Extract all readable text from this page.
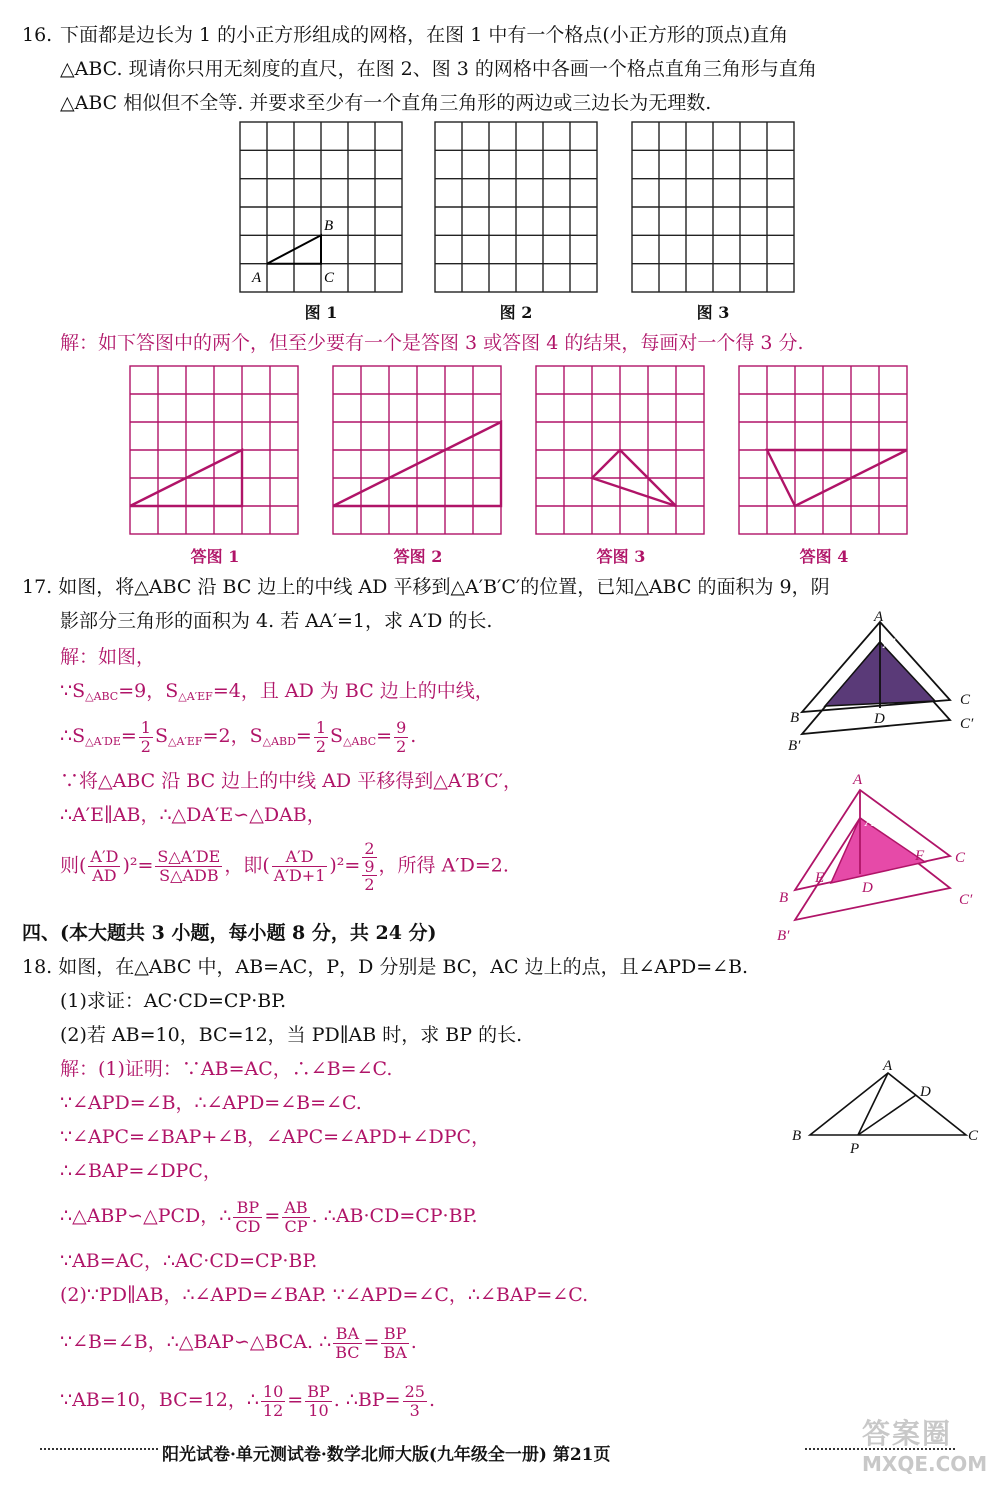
16. 下面都是边长为 1 的小正方形组成的网格，在图 1 中有一个格点(小正方形的顶点)直角
△ABC. 现请你只用无刻度的直尺，在图 2、图 3 的网格中各画一个格点直角三角形与直角
△ABC 相似但不全等. 并要求至少有一个直角三角形的两边或三边长为无理数.
A
B
C
图 1	图 2	图 3
解：如下答图中的两个，但至少要有一个是答图 3 或答图 4 的结果，每画对一个得 3 分.
答图 1	答图 2	答图 3	答图 4
17. 如图，将△ABC 沿 BC 边上的中线 AD 平移到△A′B′C′的位置，已知△ABC 的面积为 9，阴
影部分三角形的面积为 4. 若 AA′=1，求 A′D 的长.
解：如图，
$\because S_{\triangle ABC}=9$，$S_{\triangle A'EF}=4$，且 AD 为 BC 边上的中线，
$\therefore S_{\triangle A'DE}= \frac{1}{2} S_{\triangle A'EF}=2$，$S_{\triangle ABD}= \frac{1}{2} S_{\triangle ABC}= \frac{9}{2}$ .
∵将△ABC 沿 BC 边上的中线 AD 平移得到△A′B′C′，
∴A′E∥AB，∴△DA′E∽△DAB，
则( $\frac{A'D}{AD} )^2= \frac{S\triangle A'DE}{\text{S△ADB}}$ ，即( $\frac{A'D}{A'D+1} )^2=$
2
9
2
，所得 A′D=2.
A
A′
B	D
C
B′
C′
A
A′
E
F
B
D
C
B′
C′
四、(本大题共 3 小题，每小题 8 分，共 24 分)
18. 如图，在△ABC 中，AB=AC，P，D 分别是 BC，AC 边上的点，且∠APD=∠B.
(1)求证：AC·CD=CP·BP.
(2)若 AB=10，BC=12，当 PD∥AB 时，求 BP 的长.
解：(1)证明：∵AB=AC，∴∠B=∠C.
∵∠APD=∠B，∴∠APD=∠B=∠C.
∵∠APC=∠BAP+∠B，∠APC=∠APD+∠DPC，
∴∠BAP=∠DPC，
∴△ABP∽△PCD，∴ $\frac{BP}{CD} = \frac{AB}{CP}$ . ∴AB·CD=CP·BP.
∵AB=AC，∴AC·CD=CP·BP.
(2)∵PD∥AB，∴∠APD=∠BAP. ∵∠APD=∠C，∴∠BAP=∠C.
∵∠B=∠B，∴△BAP∽△BCA. ∴ $\frac{BA}{BC} = \frac{BP}{BA}$ .
∵AB=10，BC=12，∴ $\frac{10}{12} = \frac{BP}{10}$ . ∴BP= $\frac{25}{3}$ .
A
D
B
P
C
阳光试卷·单元测试卷·数学北师大版(九年级全一册) 第21页
答案圈
MXQE.COM
